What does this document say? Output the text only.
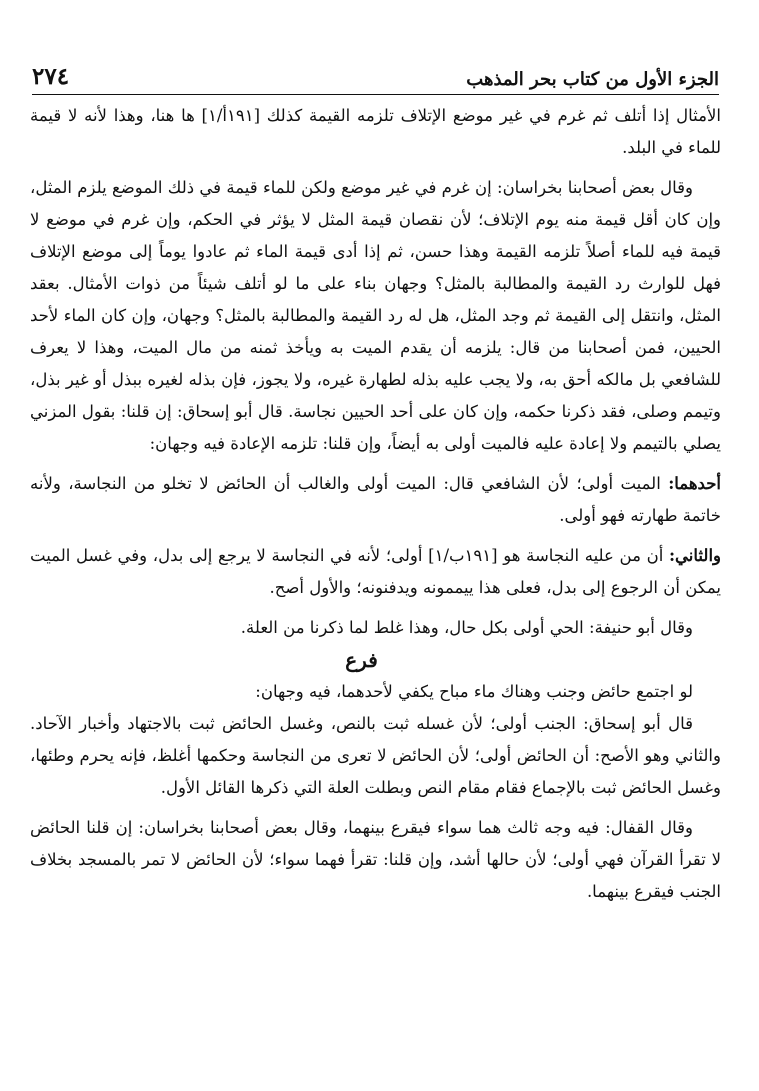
٢٧٤	الجزء الأول من كتاب بحر المذهب

الأمثال إذا أتلف ثم غرم في غير موضع الإتلاف تلزمه القيمة كذلك [١٩١أ/١] ها هنا، وهذا لأنه لا قيمة للماء في البلد.

وقال بعض أصحابنا بخراسان: إن غرم في غير موضع ولكن للماء قيمة في ذلك الموضع يلزم المثل، وإن كان أقل قيمة منه يوم الإتلاف؛ لأن نقصان قيمة المثل لا يؤثر في الحكم، وإن غرم في موضع لا قيمة فيه للماء أصلاً تلزمه القيمة وهذا حسن، ثم إذا أدى قيمة الماء ثم عادوا يوماً إلى موضع الإتلاف فهل للوارث رد القيمة والمطالبة بالمثل؟ وجهان بناء على ما لو أتلف شيئاً من ذوات الأمثال. بعقد المثل، وانتقل إلى القيمة ثم وجد المثل، هل له رد القيمة والمطالبة بالمثل؟ وجهان، وإن كان الماء لأحد الحيين، فمن أصحابنا من قال: يلزمه أن يقدم الميت به ويأخذ ثمنه من مال الميت، وهذا لا يعرف للشافعي بل مالكه أحق به، ولا يجب عليه بذله لطهارة غيره، ولا يجوز، فإن بذله لغيره ببذل أو غير بذل، وتيمم وصلى، فقد ذكرنا حكمه، وإن كان على أحد الحيين نجاسة. قال أبو إسحاق: إن قلنا: بقول المزني يصلي بالتيمم ولا إعادة عليه فالميت أولى به أيضاً، وإن قلنا: تلزمه الإعادة فيه وجهان:

أحدهما: الميت أولى؛ لأن الشافعي قال: الميت أولى والغالب أن الحائض لا تخلو من النجاسة، ولأنه خاتمة طهارته فهو أولى.

والثاني: أن من عليه النجاسة هو [١٩١ب/١] أولى؛ لأنه في النجاسة لا يرجع إلى بدل، وفي غسل الميت يمكن أن الرجوع إلى بدل، فعلى هذا ييممونه ويدفنونه؛ والأول أصح.

وقال أبو حنيفة: الحي أولى بكل حال، وهذا غلط لما ذكرنا من العلة.

فرع

لو اجتمع حائض وجنب وهناك ماء مباح يكفي لأحدهما، فيه وجهان:

قال أبو إسحاق: الجنب أولى؛ لأن غسله ثبت بالنص، وغسل الحائض ثبت بالاجتهاد وأخبار الآحاد. والثاني وهو الأصح: أن الحائض أولى؛ لأن الحائض لا تعرى من النجاسة وحكمها أغلظ، فإنه يحرم وطئها، وغسل الحائض ثبت بالإجماع فقام مقام النص وبطلت العلة التي ذكرها القائل الأول.

وقال القفال: فيه وجه ثالث هما سواء فيقرع بينهما، وقال بعض أصحابنا بخراسان: إن قلنا الحائض لا تقرأ القرآن فهي أولى؛ لأن حالها أشد، وإن قلنا: تقرأ فهما سواء؛ لأن الحائض لا تمر بالمسجد بخلاف الجنب فيقرع بينهما.
